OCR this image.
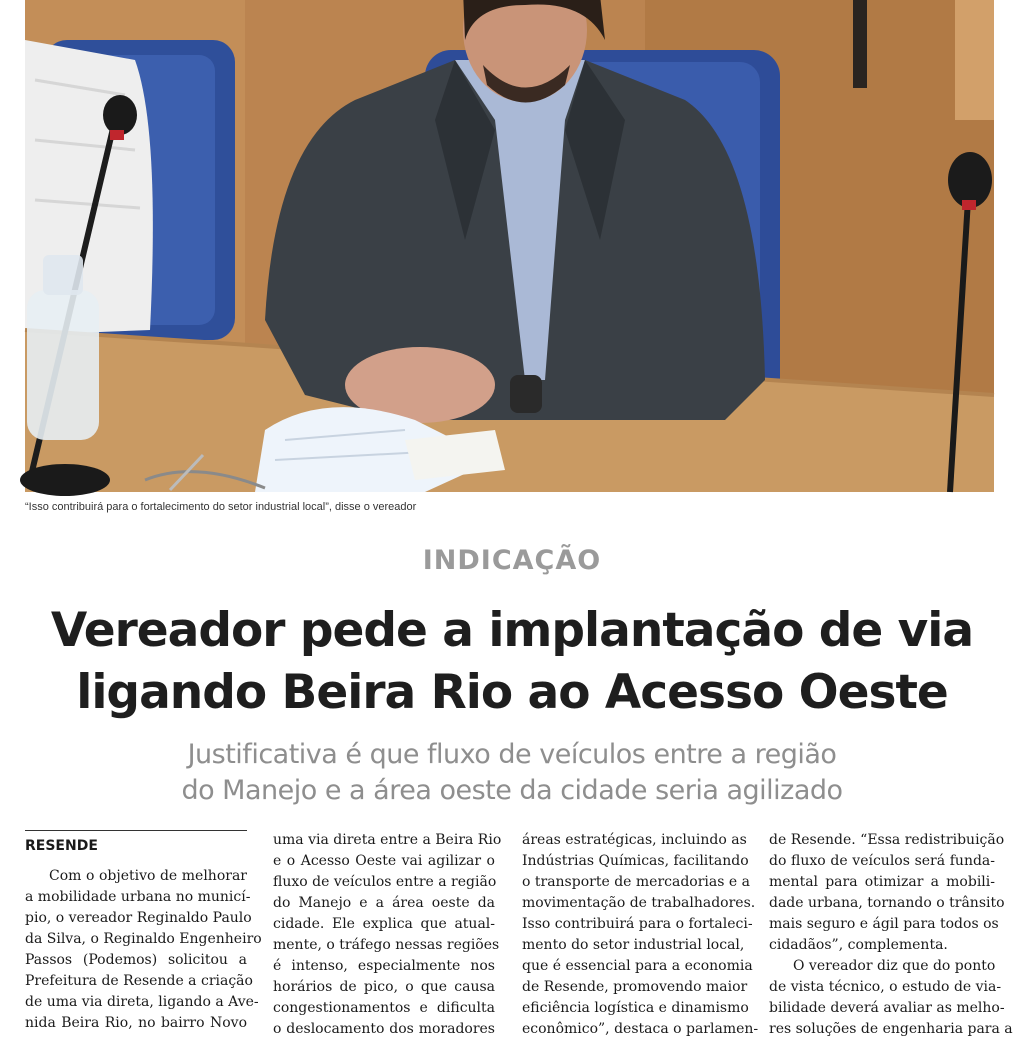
“Isso contribuirá para o fortalecimento do setor industrial local”, disse o vereador
INDICAÇÃO
Vereador pede a implantação de via
ligando Beira Rio ao Acesso Oeste
Justificativa é que fluxo de veículos entre a região
do Manejo e a área oeste da cidade seria agilizado
RESENDE
Com o objetivo de melhorar
a mobilidade urbana no municí-
pio, o vereador Reginaldo Paulo
da Silva, o Reginaldo Engenheiro
Passos (Podemos) solicitou a
Prefeitura de Resende a criação
de uma via direta, ligando a Ave-
nida Beira Rio, no bairro Novo
uma via direta entre a Beira Rio
e o Acesso Oeste vai agilizar o
fluxo de veículos entre a região
do Manejo e a área oeste da
cidade. Ele explica que atual-
mente, o tráfego nessas regiões
é intenso, especialmente nos
horários de pico, o que causa
congestionamentos e dificulta
o deslocamento dos moradores
áreas estratégicas, incluindo as
Indústrias Químicas, facilitando
o transporte de mercadorias e a
movimentação de trabalhadores.
Isso contribuirá para o fortaleci-
mento do setor industrial local,
que é essencial para a economia
de Resende, promovendo maior
eficiência logística e dinamismo
econômico”, destaca o parlamen-
de Resende. “Essa redistribuição
do fluxo de veículos será funda-
mental para otimizar a mobili-
dade urbana, tornando o trânsito
mais seguro e ágil para todos os
cidadãos”, complementa.
O vereador diz que do ponto
de vista técnico, o estudo de via-
bilidade deverá avaliar as melho-
res soluções de engenharia para a
